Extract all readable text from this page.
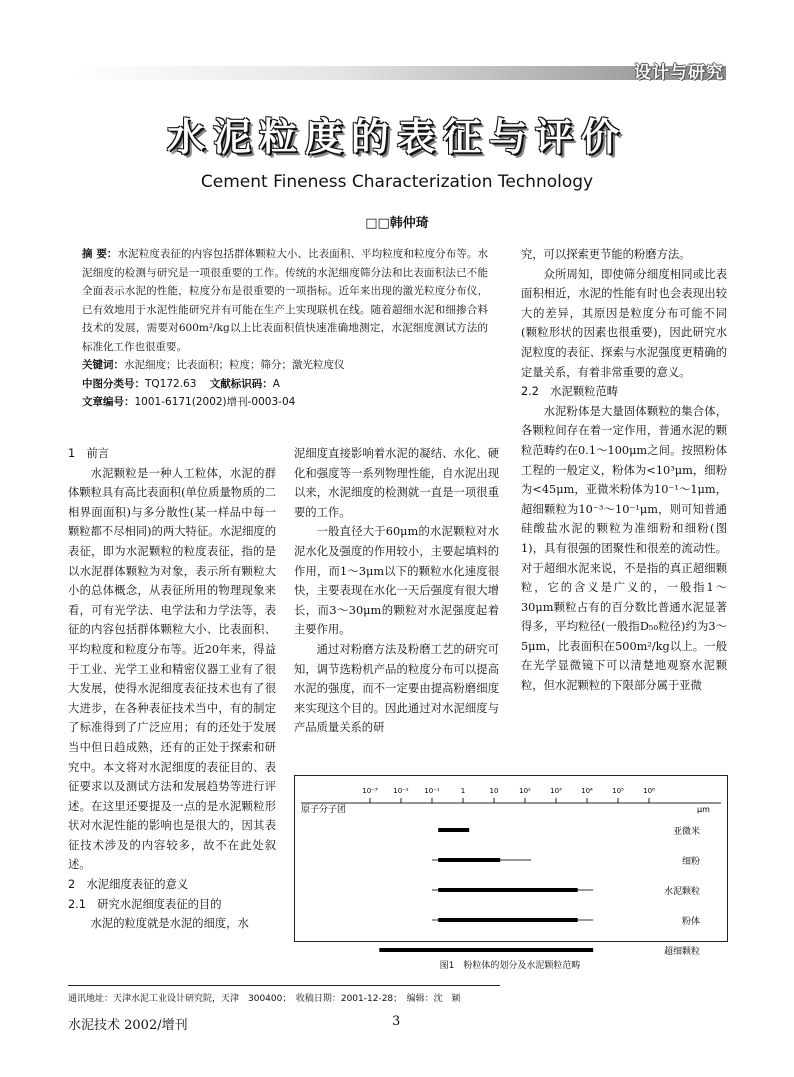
设计与研究
水泥粒度的表征与评价
Cement Fineness Characterization Technology
□□韩仲琦

摘 要：水泥粒度表征的内容包括群体颗粒大小、比表面积、平均粒度和粒度分布等。水泥细度的检测与研究是一项很重要的工作。传统的水泥细度筛分法和比表面积法已不能全面表示水泥的性能，粒度分布是很重要的一项指标。近年来出现的激光粒度分布仪，已有效地用于水泥性能研究并有可能在生产上实现联机在线。随着超细水泥和细掺合料技术的发展，需要对600m²/kg以上比表面积值快速准确地测定，水泥细度测试方法的标准化工作也很重要。

关键词：水泥细度；比表面积；粒度；筛分；激光粒度仪

中图分类号：TQ172.63 文献标识码：A

文章编号：1001-6171(2002)增刊-0003-04

1　前言

水泥颗粒是一种人工粒体，水泥的群体颗粒具有高比表面积(单位质量物质的二相界面面积)与多分散性(某一样品中每一颗粒都不尽相同)的两大特征。水泥细度的表征，即为水泥颗粒的粒度表征，指的是以水泥群体颗粒为对象，表示所有颗粒大小的总体概念，从表征所用的物理现象来看，可有光学法、电学法和力学法等，表征的内容包括群体颗粒大小、比表面积、平均粒度和粒度分布等。近20年来，得益于工业、光学工业和精密仪器工业有了很大发展，使得水泥细度表征技术也有了很大进步，在各种表征技术当中，有的制定了标准得到了广泛应用；有的还处于发展当中但日趋成熟，还有的正处于探索和研究中。本文将对水泥细度的表征目的、表征要求以及测试方法和发展趋势等进行评述。在这里还要提及一点的是水泥颗粒形状对水泥性能的影响也是很大的，因其表征技术涉及的内容较多，故不在此处叙述。

2　水泥细度表征的意义

2.1　研究水泥细度表征的目的

水泥的粒度就是水泥的细度，水

泥细度直接影响着水泥的凝结、水化、硬化和强度等一系列物理性能，自水泥出现以来，水泥细度的检测就一直是一项很重要的工作。

一般直径大于60μm的水泥颗粒对水泥水化及强度的作用较小，主要起填料的作用，而1～3μm以下的颗粒水化速度很快，主要表现在水化一天后强度有很大增长，而3～30μm的颗粒对水泥强度起着主要作用。

通过对粉磨方法及粉磨工艺的研究可知，调节选粉机产品的粒度分布可以提高水泥的强度，而不一定要由提高粉磨细度来实现这个目的。因此通过对水泥细度与产品质量关系的研

究，可以探索更节能的粉磨方法。

众所周知，即使筛分细度相同或比表面积相近，水泥的性能有时也会表现出较大的差异，其原因是粒度分布可能不同(颗粒形状的因素也很重要)，因此研究水泥粒度的表征、探索与水泥强度更精确的定量关系，有着非常重要的意义。

2.2　水泥颗粒范畴

水泥粉体是大量固体颗粒的集合体，各颗粒间存在着一定作用，普通水泥的颗粒范畴约在0.1～100μm之间。按照粉体工程的一般定义，粉体为<10³μm，细粉为<45μm，亚微米粉体为10⁻¹～1μm，超细颗粒为10⁻³～10⁻¹μm，则可知普通硅酸盐水泥的颗粒为准细粉和细粉(图1)，具有很强的团聚性和很差的流动性。对于超细水泥来说，不是指的真正超细颗粒，它的含义是广义的，一般指1～30μm颗粒占有的百分数比普通水泥显著得多，平均粒径(一般指D₅₀粒径)约为3～5μm，比表面积在500m²/kg以上。一般在光学显微镜下可以清楚地观察水泥颗粒，但水泥颗粒的下限部分属于亚微

10⁻³ 10⁻² 10⁻¹	1	10	10²	10³	10⁴	10⁵	10⁶
原子分子团	μm
亚微米
细粉
水泥颗粒
粉体
超细颗粒
图1　粉粒体的划分及水泥颗粒范畴
通讯地址：天津水泥工业设计研究院，天津　300400；　收稿日期：2001-12-28；　编辑：沈　颖
水泥技术 2002/增刊	3
